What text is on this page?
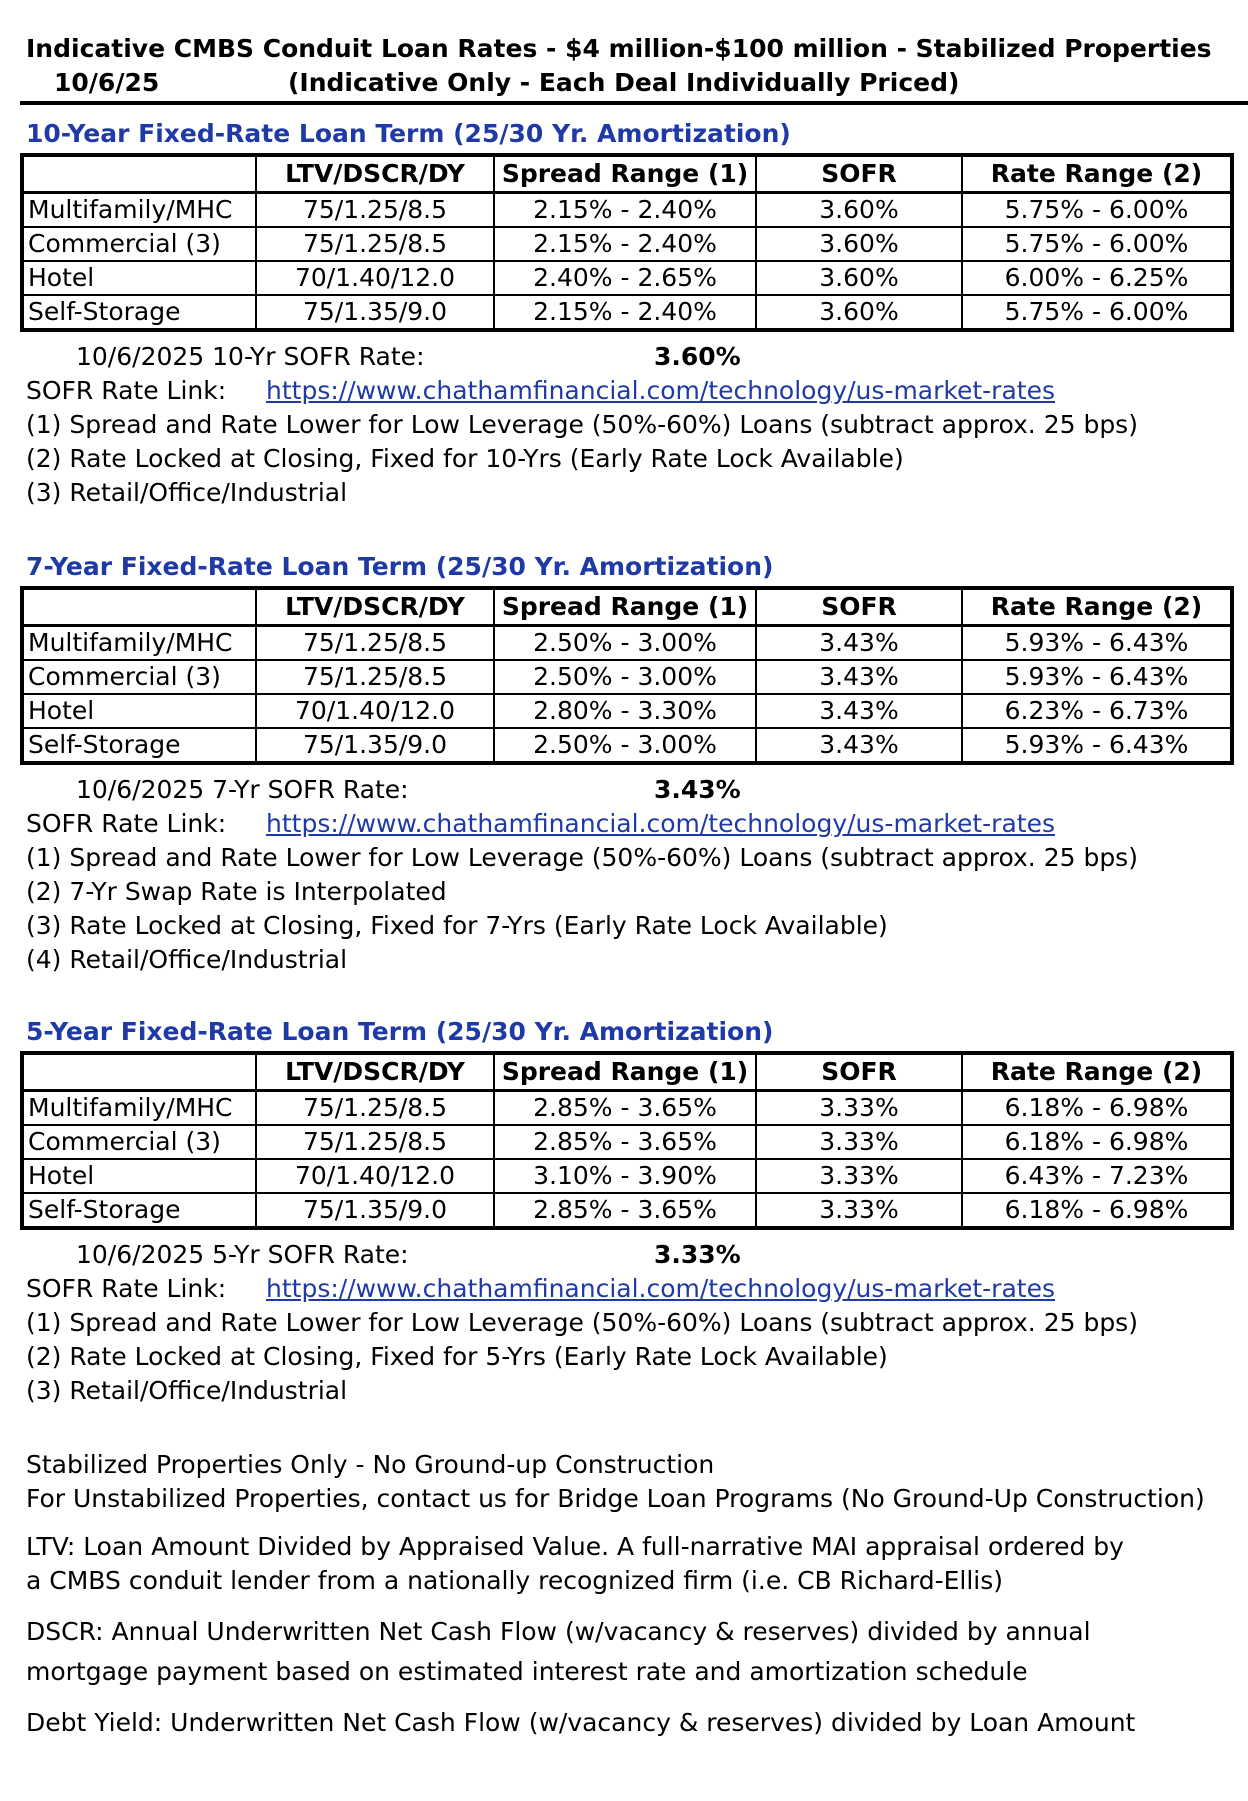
Indicative CMBS Conduit Loan Rates - $4 million-$100 million - Stabilized Properties
10/6/25	(Indicative Only - Each Deal Individually Priced)
10-Year Fixed-Rate Loan Term (25/30 Yr. Amortization)
	LTV/DSCR/DY	Spread Range (1)	SOFR	Rate Range (2)
Multifamily/MHC	75/1.25/8.5	2.15% - 2.40%	3.60%	5.75% - 6.00%
Commercial (3)	75/1.25/8.5	2.15% - 2.40%	3.60%	5.75% - 6.00%
Hotel	70/1.40/12.0	2.40% - 2.65%	3.60%	6.00% - 6.25%
Self-Storage	75/1.35/9.0	2.15% - 2.40%	3.60%	5.75% - 6.00%
10/6/2025 10-Yr SOFR Rate:	3.60%
SOFR Rate Link:	https://www.chathamfinancial.com/technology/us-market-rates
(1) Spread and Rate Lower for Low Leverage (50%-60%) Loans (subtract approx. 25 bps)
(2) Rate Locked at Closing, Fixed for 10-Yrs (Early Rate Lock Available)
(3) Retail/Office/Industrial
7-Year Fixed-Rate Loan Term (25/30 Yr. Amortization)
	LTV/DSCR/DY	Spread Range (1)	SOFR	Rate Range (2)
Multifamily/MHC	75/1.25/8.5	2.50% - 3.00%	3.43%	5.93% - 6.43%
Commercial (3)	75/1.25/8.5	2.50% - 3.00%	3.43%	5.93% - 6.43%
Hotel	70/1.40/12.0	2.80% - 3.30%	3.43%	6.23% - 6.73%
Self-Storage	75/1.35/9.0	2.50% - 3.00%	3.43%	5.93% - 6.43%
10/6/2025 7-Yr SOFR Rate:	3.43%
SOFR Rate Link:	https://www.chathamfinancial.com/technology/us-market-rates
(1) Spread and Rate Lower for Low Leverage (50%-60%) Loans (subtract approx. 25 bps)
(2) 7-Yr Swap Rate is Interpolated
(3) Rate Locked at Closing, Fixed for 7-Yrs (Early Rate Lock Available)
(4) Retail/Office/Industrial
5-Year Fixed-Rate Loan Term (25/30 Yr. Amortization)
	LTV/DSCR/DY	Spread Range (1)	SOFR	Rate Range (2)
Multifamily/MHC	75/1.25/8.5	2.85% - 3.65%	3.33%	6.18% - 6.98%
Commercial (3)	75/1.25/8.5	2.85% - 3.65%	3.33%	6.18% - 6.98%
Hotel	70/1.40/12.0	3.10% - 3.90%	3.33%	6.43% - 7.23%
Self-Storage	75/1.35/9.0	2.85% - 3.65%	3.33%	6.18% - 6.98%
10/6/2025 5-Yr SOFR Rate:	3.33%
SOFR Rate Link:	https://www.chathamfinancial.com/technology/us-market-rates
(1) Spread and Rate Lower for Low Leverage (50%-60%) Loans (subtract approx. 25 bps)
(2) Rate Locked at Closing, Fixed for 5-Yrs (Early Rate Lock Available)
(3) Retail/Office/Industrial
Stabilized Properties Only - No Ground-up Construction
For Unstabilized Properties, contact us for Bridge Loan Programs (No Ground-Up Construction)
LTV: Loan Amount Divided by Appraised Value. A full-narrative MAI appraisal ordered by
a CMBS conduit lender from a nationally recognized firm (i.e. CB Richard-Ellis)
DSCR: Annual Underwritten Net Cash Flow (w/vacancy & reserves) divided by annual
mortgage payment based on estimated interest rate and amortization schedule
Debt Yield: Underwritten Net Cash Flow (w/vacancy & reserves) divided by Loan Amount
